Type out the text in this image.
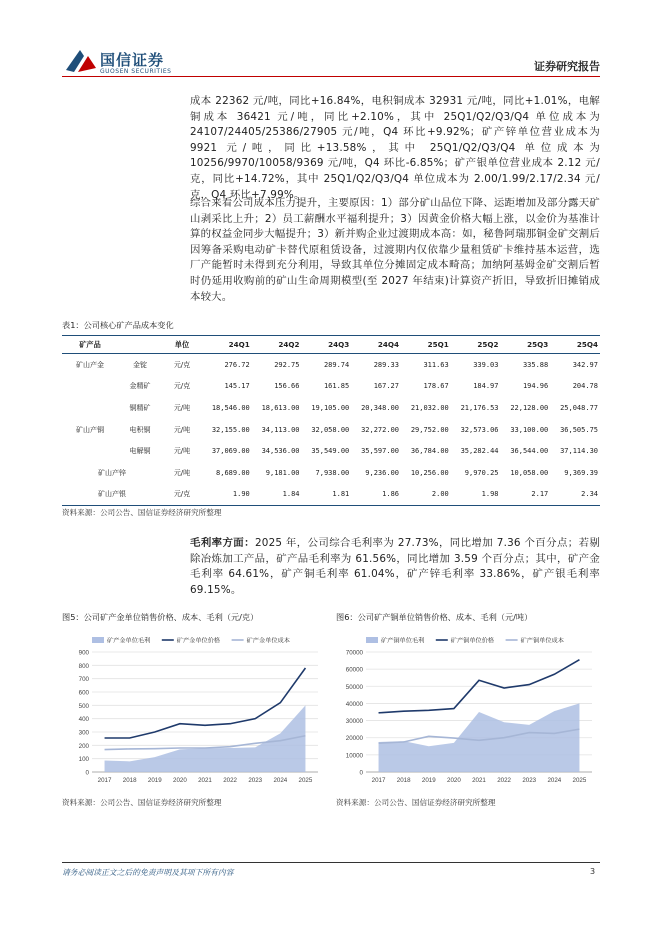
国信证券
GUOSEN SECURITIES	证券研究报告

成本 22362 元/吨，同比+16.84%，电积铜成本 32931 元/吨，同比+1.01%，电解铜成本 36421 元/吨，同比+2.10%，其中 25Q1/Q2/Q3/Q4 单位成本为 24107/24405/25386/27905 元/吨，Q4 环比+9.92%；矿产锌单位营业成本为 9921 元/吨，同比+13.58%，其中 25Q1/Q2/Q3/Q4 单位成本为 10256/9970/10058/9369 元/吨，Q4 环比-6.85%；矿产银单位营业成本 2.12 元/克，同比+14.72%，其中 25Q1/Q2/Q3/Q4 单位成本为 2.00/1.99/2.17/2.34 元/克，Q4 环比+7.99%。

综合来看公司成本压力提升，主要原因：1）部分矿山品位下降、运距增加及部分露天矿山剥采比上升；2）员工薪酬水平福利提升；3）因黄金价格大幅上涨，以金价为基准计算的权益金同步大幅提升；3）新并购企业过渡期成本高：如，秘鲁阿瑞那铜金矿交割后因筹备采购电动矿卡替代原租赁设备，过渡期内仅依靠少量租赁矿卡维持基本运营，选厂产能暂时未得到充分利用，导致其单位分摊固定成本畸高；加纳阿基姆金矿交割后暂时仍延用收购前的矿山生命周期模型(至 2027 年结束)计算资产折旧，导致折旧摊销成本较大。

表1：公司核心矿产品成本变化
矿产品		单位	24Q1	24Q2	24Q3	24Q4	25Q1	25Q2	25Q3	25Q4
矿山产金	金锭	元/克	276.72	292.75	289.74	289.33	311.63	339.03	335.88	342.97
	金精矿	元/克	145.17	156.66	161.85	167.27	178.67	184.97	194.96	204.78
	铜精矿	元/吨	18,546.00	18,613.00	19,105.00	20,348.00	21,032.00	21,176.53	22,128.00	25,048.77
矿山产铜	电积铜	元/吨	32,155.00	34,113.00	32,058.00	32,272.00	29,752.00	32,573.06	33,100.00	36,505.75
	电解铜	元/吨	37,069.00	34,536.00	35,549.00	35,597.00	36,784.00	35,282.44	36,544.00	37,114.30
矿山产锌		元/吨	8,689.00	9,181.00	7,938.00	9,236.00	10,256.00	9,970.25	10,058.00	9,369.39
矿山产银		元/克	1.90	1.84	1.81	1.86	2.00	1.98	2.17	2.34
资料来源：公司公告、国信证券经济研究所整理

毛利率方面：2025 年，公司综合毛利率为 27.73%，同比增加 7.36 个百分点；若剔除冶炼加工产品，矿产品毛利率为 61.56%，同比增加 3.59 个百分点；其中，矿产金毛利率 64.61%，矿产铜毛利率 61.04%，矿产锌毛利率 33.86%，矿产银毛利率 69.15%。

图5：公司矿产金单位销售价格、成本、毛利（元/克）	图6：公司矿产铜单位销售价格、成本、毛利（元/吨）
0
100
200
300
400
500
600
700
800
900
2017 2018 2019 2020 2021 2022 2023 2024 2025
矿产金单位毛利	矿产金单位价格	矿产金单位成本
0
10000
20000
30000
40000
50000
60000
70000
2017 2018 2019 2020 2021 2022 2023 2024 2025
矿产铜单位毛利	矿产铜单位价格	矿产铜单位成本
资料来源：公司公告、国信证券经济研究所整理	资料来源：公司公告、国信证券经济研究所整理
请务必阅读正文之后的免责声明及其项下所有内容	3
